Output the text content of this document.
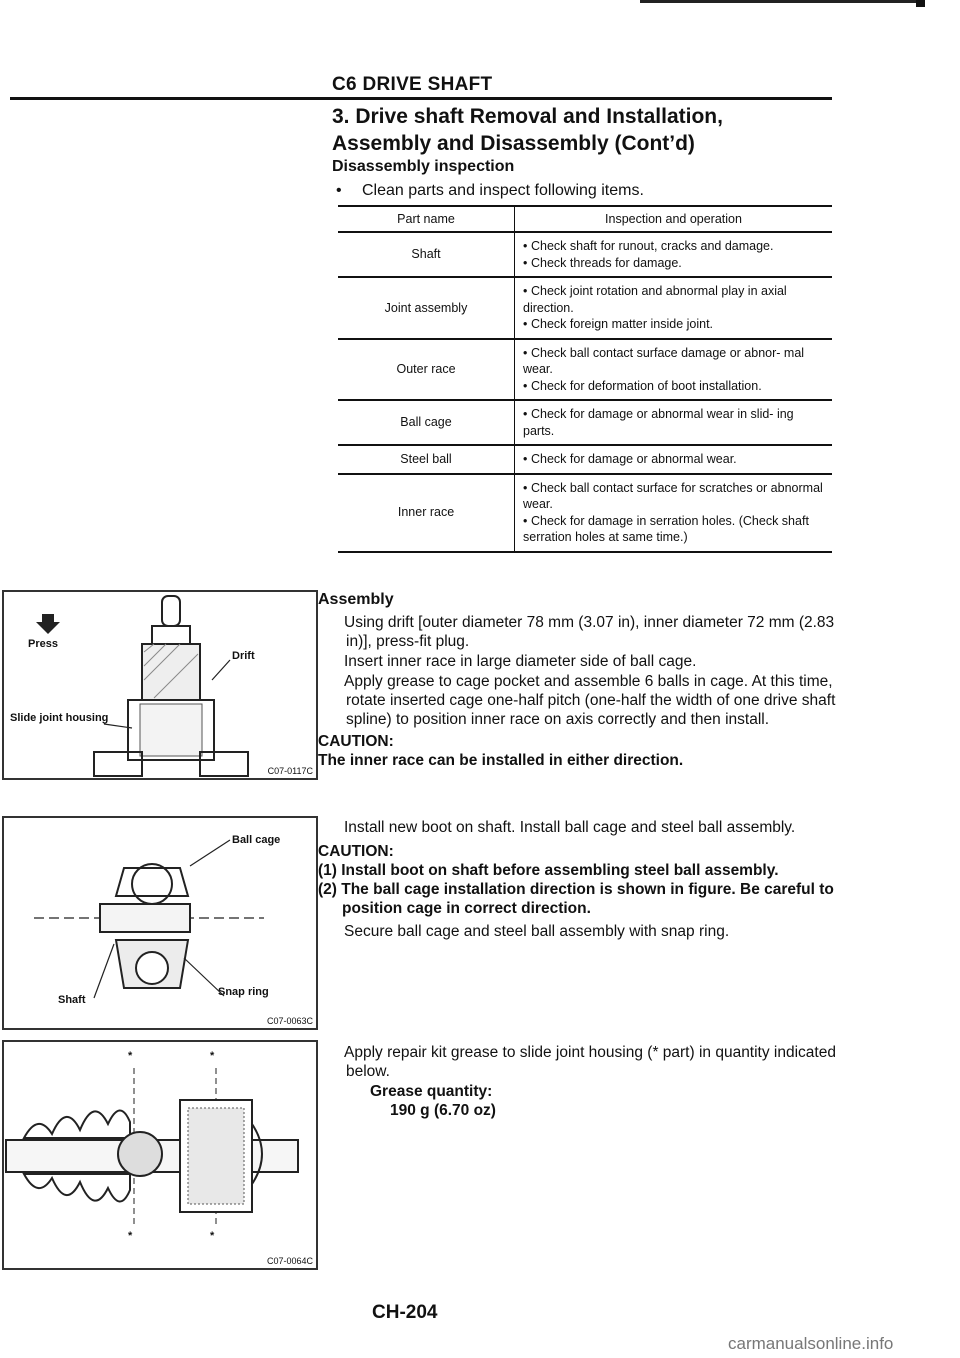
C6 DRIVE SHAFT
3. Drive shaft Removal and Installation,
Assembly and Disassembly (Cont’d)
Disassembly inspection
• Clean parts and inspect following items.
Part name	Inspection and operation
Shaft	• Check shaft for runout, cracks and damage.
• Check threads for damage.

Joint assembly	• Check joint rotation and abnormal play in axial direction.
• Check foreign matter inside joint.

Outer race	• Check ball contact surface damage or abnor- mal wear.
• Check for deformation of boot installation.

Ball cage	• Check for damage or abnormal wear in slid- ing parts.

Steel ball	• Check for damage or abnormal wear.

Inner race	• Check ball contact surface for scratches or abnormal wear.
• Check for damage in serration holes. (Check shaft serration holes at same time.)
Assembly
Using drift [outer diameter 78 mm (3.07 in), inner diameter 72 mm (2.83 in)], press-fit plug.
Insert inner race in large diameter side of ball cage.
Apply grease to cage pocket and assemble 6 balls in cage. At this time, rotate inserted cage one-half pitch (one-half the width of one drive shaft spline) to position inner race on axis correctly and then install.
CAUTION:
The inner race can be installed in either direction.
Install new boot on shaft. Install ball cage and steel ball assembly.
CAUTION:
(1) Install boot on shaft before assembling steel ball assembly.
(2) The ball cage installation direction is shown in figure. Be careful to position cage in correct direction.
Secure ball cage and steel ball assembly with snap ring.
Apply repair kit grease to slide joint housing (* part) in quantity indicated below.
Grease quantity:
190 g (6.70 oz)
Press
Drift
Slide joint housing
C07-0117C
Ball cage
Shaft
Snap ring
C07-0063C
*	*
*	*
C07-0064C
CH-204
carmanualsonline.info
